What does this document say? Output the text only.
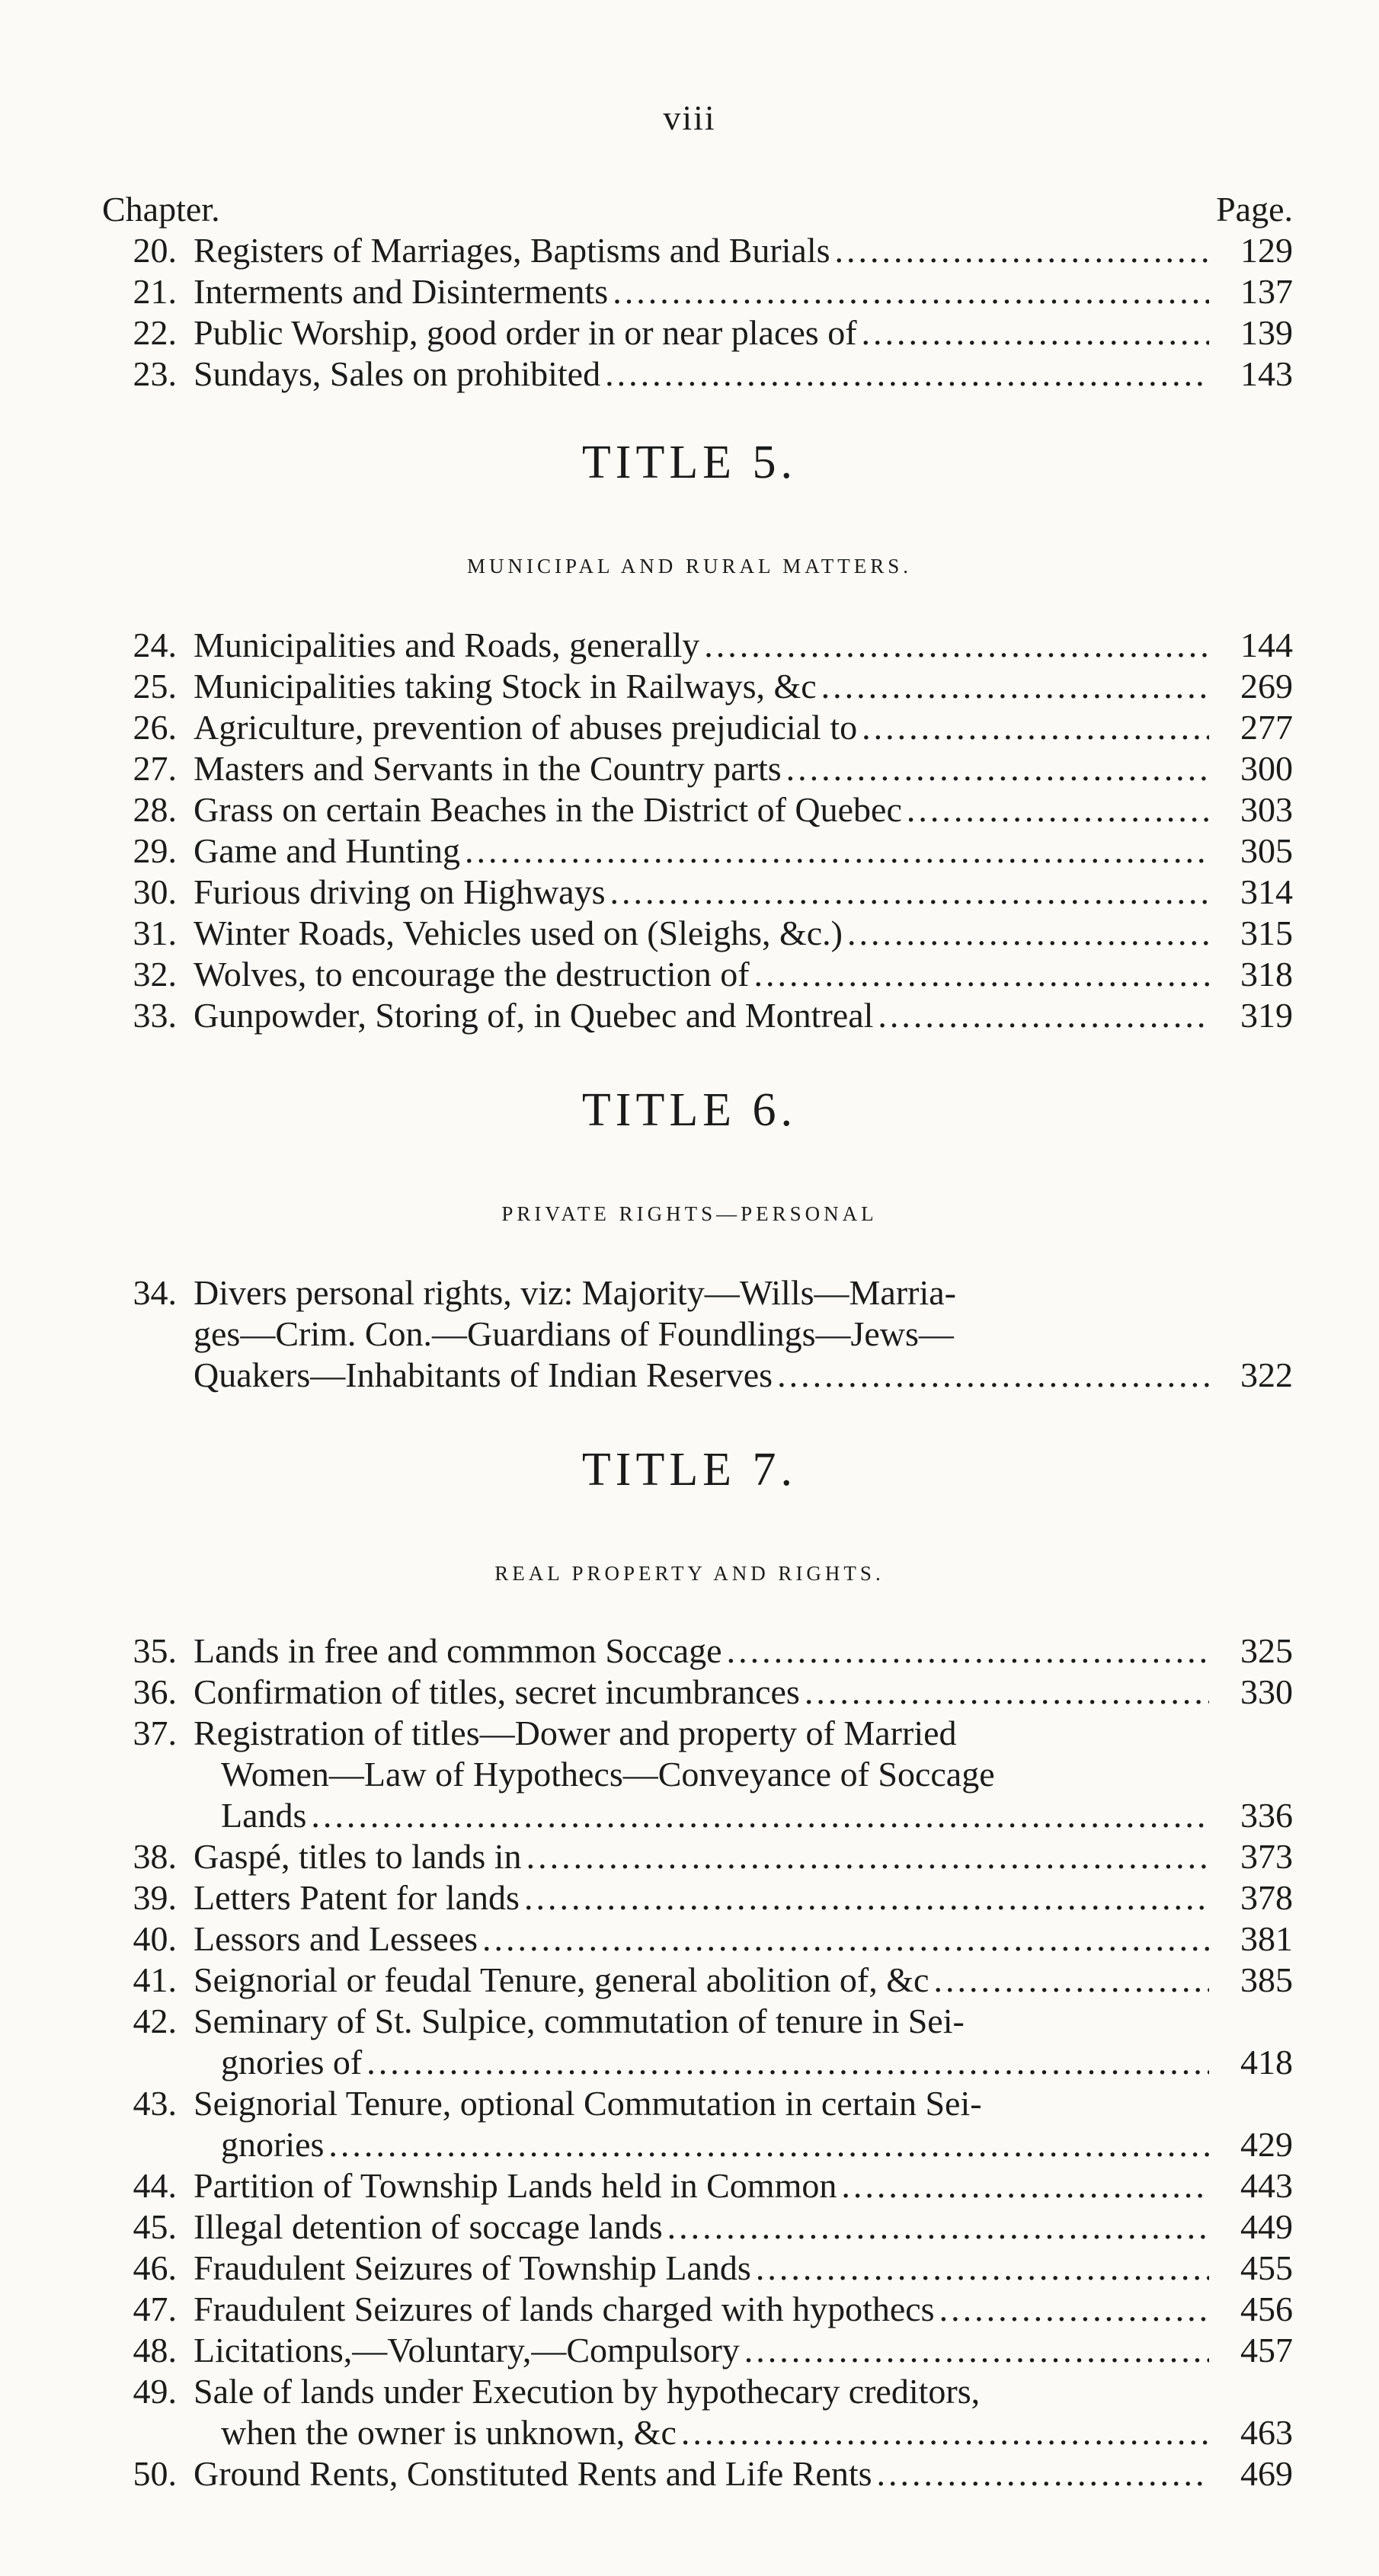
viii
Chapter.	Page.
20. Registers of Marriages, Baptisms and Burials .....	129
21. Interments and Disinterments .....	137
22. Public Worship, good order in or near places of .....	139
23. Sundays, Sales on prohibited .....	143
TITLE 5.
MUNICIPAL AND RURAL MATTERS.
24. Municipalities and Roads, generally .....	144
25. Municipalities taking Stock in Railways, &c .....	269
26. Agriculture, prevention of abuses prejudicial to .....	277
27. Masters and Servants in the Country parts .....	300
28. Grass on certain Beaches in the District of Quebec .....	303
29. Game and Hunting .....	305
30. Furious driving on Highways .....	314
31. Winter Roads, Vehicles used on (Sleighs, &c.) .....	315
32. Wolves, to encourage the destruction of .....	318
33. Gunpowder, Storing of, in Quebec and Montreal .....	319
TITLE 6.
PRIVATE RIGHTS—PERSONAL
34. Divers personal rights, viz: Majority—Wills—Marria-
ges—Crim. Con.—Guardians of Foundlings—Jews—
Quakers—Inhabitants of Indian Reserves .....	322
TITLE 7.
REAL PROPERTY AND RIGHTS.
35. Lands in free and commmon Soccage .....	325
36. Confirmation of titles, secret incumbrances .....	330
37. Registration of titles—Dower and property of Married
Women—Law of Hypothecs—Conveyance of Soccage
Lands .....	336
38. Gaspé, titles to lands in .....	373
39. Letters Patent for lands .....	378
40. Lessors and Lessees .....	381
41. Seignorial or feudal Tenure, general abolition of, &c .....	385
42. Seminary of St. Sulpice, commutation of tenure in Sei-
gnories of .....	418
43. Seignorial Tenure, optional Commutation in certain Sei-
gnories .....	429
44. Partition of Township Lands held in Common .....	443
45. Illegal detention of soccage lands .....	449
46. Fraudulent Seizures of Township Lands .....	455
47. Fraudulent Seizures of lands charged with hypothecs .....	456
48. Licitations,—Voluntary,—Compulsory .....	457
49. Sale of lands under Execution by hypothecary creditors,
when the owner is unknown, &c .....	463
50. Ground Rents, Constituted Rents and Life Rents .....	469
